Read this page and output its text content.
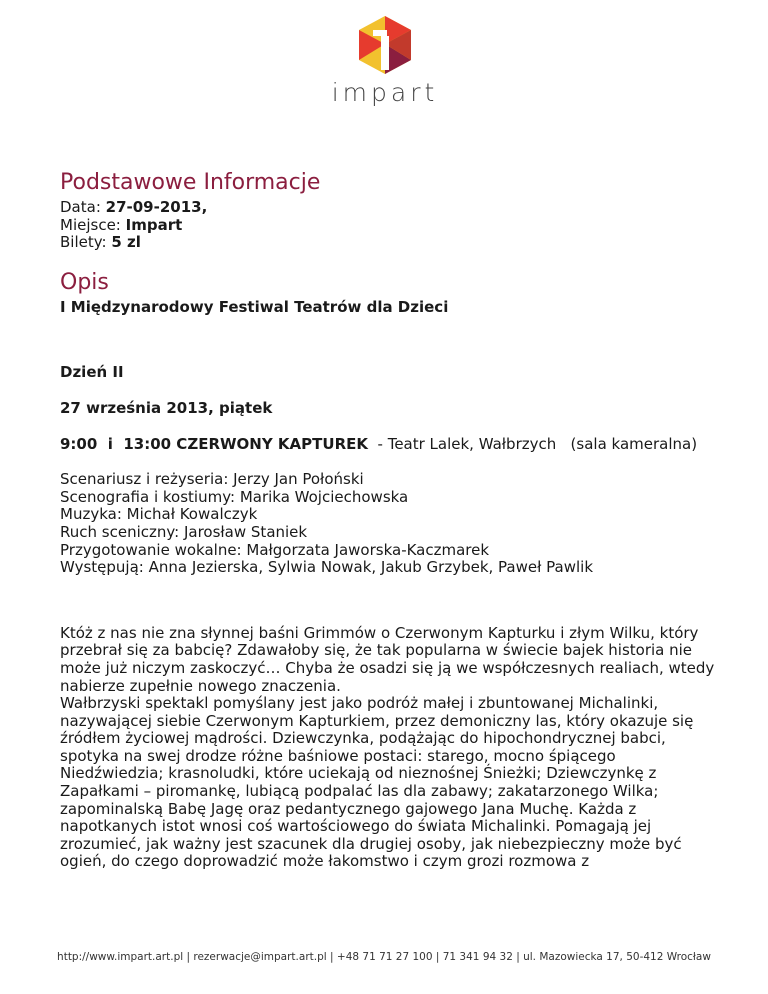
impart
Podstawowe Informacje

Data: 27-09-2013,

Miejsce: Impart

Bilety: 5 zl

Opis

I Międzynarodowy Festiwal Teatrów dla Dzieci

Dzień II

27 września 2013, piątek

9:00  i  13:00 CZERWONY KAPTUREK  - Teatr Lalek, Wałbrzych   (sala kameralna)

Scenariusz i reżyseria: Jerzy Jan Połoński

Scenografia i kostiumy: Marika Wojciechowska

Muzyka: Michał Kowalczyk

Ruch sceniczny: Jarosław Staniek

Przygotowanie wokalne: Małgorzata Jaworska-Kaczmarek

Występują: Anna Jezierska, Sylwia Nowak, Jakub Grzybek, Paweł Pawlik

Któż z nas nie zna słynnej baśni Grimmów o Czerwonym Kapturku i złym Wilku, który przebrał się za babcię? Zdawałoby się, że tak popularna w świecie bajek historia nie może już niczym zaskoczyć… Chyba że osadzi się ją we współczesnych realiach, wtedy nabierze zupełnie nowego znaczenia.

Wałbrzyski spektakl pomyślany jest jako podróż małej i zbuntowanej Michalinki, nazywającej siebie Czerwonym Kapturkiem, przez demoniczny las, który okazuje się źródłem życiowej mądrości. Dziewczynka, podążając do hipochondrycznej babci, spotyka na swej drodze różne baśniowe postaci: starego, mocno śpiącego Niedźwiedzia; krasnoludki, które uciekają od nieznośnej Śnieżki; Dziewczynkę z Zapałkami – piromankę, lubiącą podpalać las dla zabawy; zakatarzonego Wilka; zapominalską Babę Jagę oraz pedantycznego gajowego Jana Muchę. Każda z napotkanych istot wnosi coś wartościowego do świata Michalinki. Pomagają jej zrozumieć, jak ważny jest szacunek dla drugiej osoby, jak niebezpieczny może być ogień, do czego doprowadzić może łakomstwo i czym grozi rozmowa z

http://www.impart.art.pl | rezerwacje@impart.art.pl | +48 71 71 27 100 | 71 341 94 32 | ul. Mazowiecka 17, 50-412 Wrocław
